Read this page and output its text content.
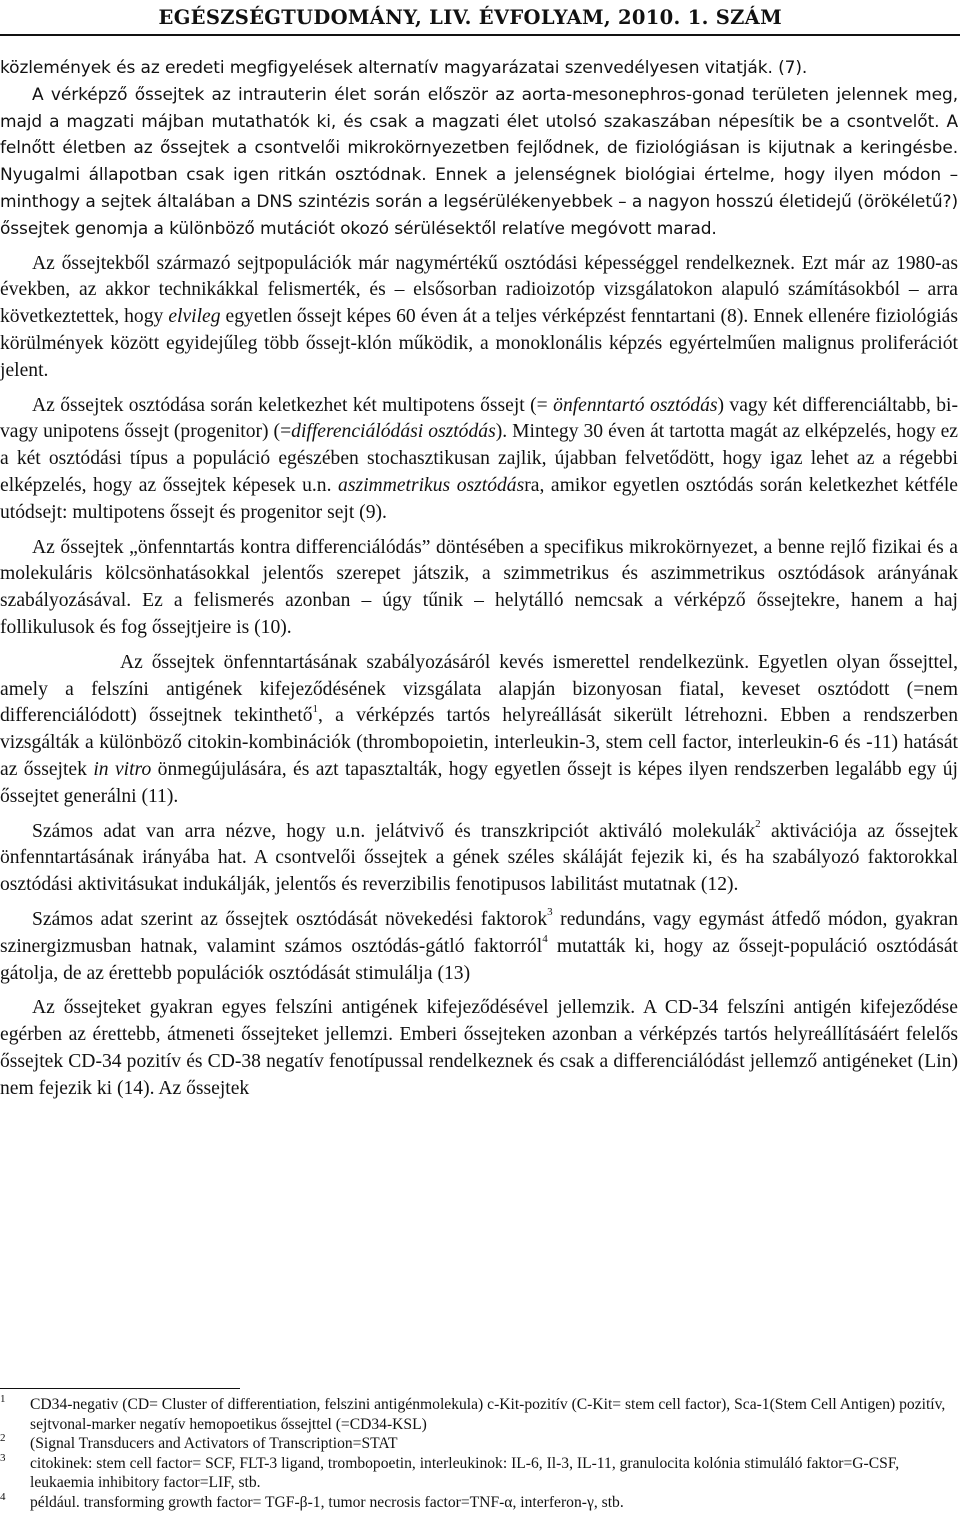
EGÉSZSÉGTUDOMÁNY, LIV. ÉVFOLYAM, 2010. 1. SZÁM

közlemények és az eredeti megfigyelések alternatív magyarázatai szenvedélyesen vitatják. (7).

A vérképző őssejtek az intrauterin élet során először az aorta-mesonephros-gonad területen jelennek meg, majd a magzati májban mutathatók ki, és csak a magzati élet utolsó szakaszában népesítik be a csontvelőt. A felnőtt életben az őssejtek a csontvelői mikrokörnyezetben fejlődnek, de fiziológiásan is kijutnak a keringésbe. Nyugalmi állapotban csak igen ritkán osztódnak. Ennek a jelenségnek biológiai értelme, hogy ilyen módon – minthogy a sejtek általában a DNS szintézis során a legsérülékenyebbek – a nagyon hosszú életidejű (örökéletű?) őssejtek genomja a különböző mutációt okozó sérülésektől relatíve megóvott marad.

Az őssejtekből származó sejtpopulációk már nagymértékű osztódási képességgel rendelkeznek. Ezt már az 1980-as években, az akkor technikákkal felismerték, és – elsősorban radioizotóp vizsgálatokon alapuló számításokból – arra következtettek, hogy elvileg egyetlen őssejt képes 60 éven át a teljes vérképzést fenntartani (8). Ennek ellenére fiziológiás körülmények között egyidejűleg több őssejt-klón működik, a monoklonális képzés egyértelműen malignus proliferációt jelent.

Az őssejtek osztódása során keletkezhet két multipotens őssejt (= önfenntartó osztódás) vagy két differenciáltabb, bi- vagy unipotens őssejt (progenitor) (=differenciálódási osztódás). Mintegy 30 éven át tartotta magát az elképzelés, hogy ez a két osztódási típus a populáció egészében stochasztikusan zajlik, újabban felvetődött, hogy igaz lehet az a régebbi elképzelés, hogy az őssejtek képesek u.n. aszimmetrikus osztódásra, amikor egyetlen osztódás során keletkezhet kétféle utódsejt: multipotens őssejt és progenitor sejt (9).

Az őssejtek „önfenntartás kontra differenciálódás” döntésében a specifikus mikrokörnyezet, a benne rejlő fizikai és a molekuláris kölcsönhatásokkal jelentős szerepet játszik, a szimmetrikus és aszimmetrikus osztódások arányának szabályozásával. Ez a felismerés azonban – úgy tűnik – helytálló nemcsak a vérképző őssejtekre, hanem a haj follikulusok és fog őssejtjeire is (10).

Az őssejtek önfenntartásának szabályozásáról kevés ismerettel rendelkezünk. Egyetlen olyan őssejttel, amely a felszíni antigének kifejeződésének vizsgálata alapján bizonyosan fiatal, keveset osztódott (=nem differenciálódott) őssejtnek tekinthető$^1$, a vérképzés tartós helyreállását sikerült létrehozni. Ebben a rendszerben vizsgálták a különböző citokin-kombinációk (thrombopoietin, interleukin-3, stem cell factor, interleukin-6 és -11) hatását az őssejtek in vitro önmegújulására, és azt tapasztalták, hogy egyetlen őssejt is képes ilyen rendszerben legalább egy új őssejtet generálni (11).

Számos adat van arra nézve, hogy u.n. jelátvivő és transzkripciót aktiváló molekulák$^2$ aktivációja az őssejtek önfenntartásának irányába hat. A csontvelői őssejtek a gének széles skáláját fejezik ki, és ha szabályozó faktorokkal osztódási aktivitásukat indukálják, jelentős és reverzibilis fenotipusos labilitást mutatnak (12).

Számos adat szerint az őssejtek osztódását növekedési faktorok$^3$ redundáns, vagy egymást átfedő módon, gyakran szinergizmusban hatnak, valamint számos osztódás-gátló faktorról$^4$ mutatták ki, hogy az őssejt-populáció osztódását gátolja, de az érettebb populációk osztódását stimulálja (13)

Az őssejteket gyakran egyes felszíni antigének kifejeződésével jellemzik. A CD-34 felszíni antigén kifejeződése egérben az érettebb, átmeneti őssejteket jellemzi. Emberi őssejteken azonban a vérképzés tartós helyreállításáért felelős őssejtek CD-34 pozitív és CD-38 negatív fenotípussal rendelkeznek és csak a differenciálódást jellemző antigéneket (Lin) nem fejezik ki (14). Az őssejtek

1 CD34-negativ (CD= Cluster of differentiation, felszini antigénmolekula) c-Kit-pozitív (C-Kit= stem cell factor), Sca-1(Stem Cell Antigen) pozitív, sejtvonal-marker negatív hemopoetikus őssejttel (=CD34-KSL)
2 (Signal Transducers and Activators of Transcription=STAT
3 citokinek: stem cell factor= SCF, FLT-3 ligand, trombopoetin, interleukinok: IL-6, Il-3, IL-11, granulocita kolónia stimuláló faktor=G-CSF, leukaemia inhibitory factor=LIF, stb.
4 például. transforming growth factor= TGF-β-1, tumor necrosis factor=TNF-α, interferon-γ, stb.
